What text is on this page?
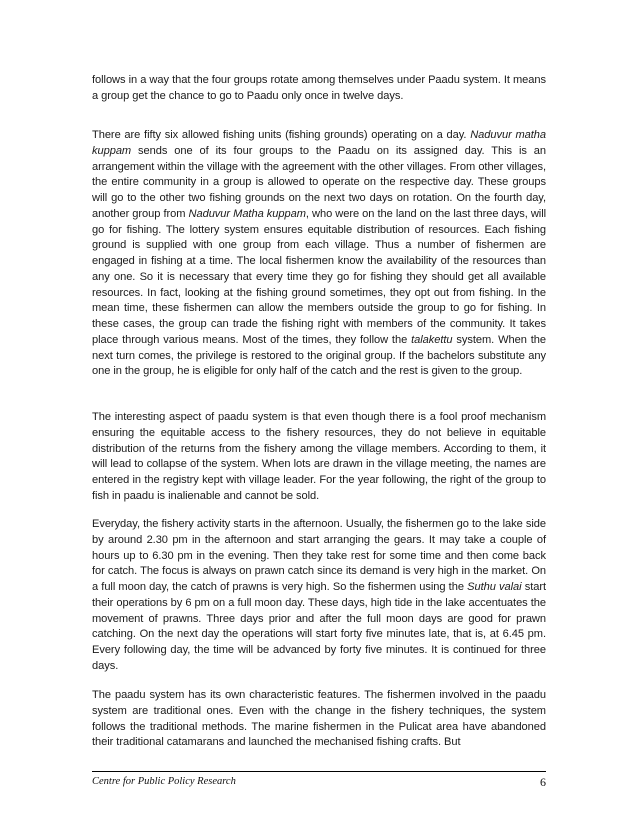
follows in a way that the four groups rotate among themselves under Paadu system. It means a group get the chance to go to Paadu only once in twelve days.

There are fifty six allowed fishing units (fishing grounds) operating on a day. Naduvur matha kuppam sends one of its four groups to the Paadu on its assigned day. This is an arrangement within the village with the agreement with the other villages. From other villages, the entire community in a group is allowed to operate on the respective day. These groups will go to the other two fishing grounds on the next two days on rotation. On the fourth day, another group from Naduvur Matha kuppam, who were on the land on the last three days, will go for fishing. The lottery system ensures equitable distribution of resources. Each fishing ground is supplied with one group from each village. Thus a number of fishermen are engaged in fishing at a time. The local fishermen know the availability of the resources than any one. So it is necessary that every time they go for fishing they should get all available resources. In fact, looking at the fishing ground sometimes, they opt out from fishing. In the mean time, these fishermen can allow the members outside the group to go for fishing. In these cases, the group can trade the fishing right with members of the community. It takes place through various means. Most of the times, they follow the talakettu system. When the next turn comes, the privilege is restored to the original group. If the bachelors substitute any one in the group, he is eligible for only half of the catch and the rest is given to the group.

The interesting aspect of paadu system is that even though there is a fool proof mechanism ensuring the equitable access to the fishery resources, they do not believe in equitable distribution of the returns from the fishery among the village members. According to them, it will lead to collapse of the system. When lots are drawn in the village meeting, the names are entered in the registry kept with village leader. For the year following, the right of the group to fish in paadu is inalienable and cannot be sold.

Everyday, the fishery activity starts in the afternoon. Usually, the fishermen go to the lake side by around 2.30 pm in the afternoon and start arranging the gears. It may take a couple of hours up to 6.30 pm in the evening. Then they take rest for some time and then come back for catch. The focus is always on prawn catch since its demand is very high in the market. On a full moon day, the catch of prawns is very high. So the fishermen using the Suthu valai start their operations by 6 pm on a full moon day. These days, high tide in the lake accentuates the movement of prawns. Three days prior and after the full moon days are good for prawn catching. On the next day the operations will start forty five minutes late, that is, at 6.45 pm. Every following day, the time will be advanced by forty five minutes. It is continued for three days.

The paadu system has its own characteristic features. The fishermen involved in the paadu system are traditional ones. Even with the change in the fishery techniques, the system follows the traditional methods. The marine fishermen in the Pulicat area have abandoned their traditional catamarans and launched the mechanised fishing crafts. But

Centre for Public Policy Research	6
